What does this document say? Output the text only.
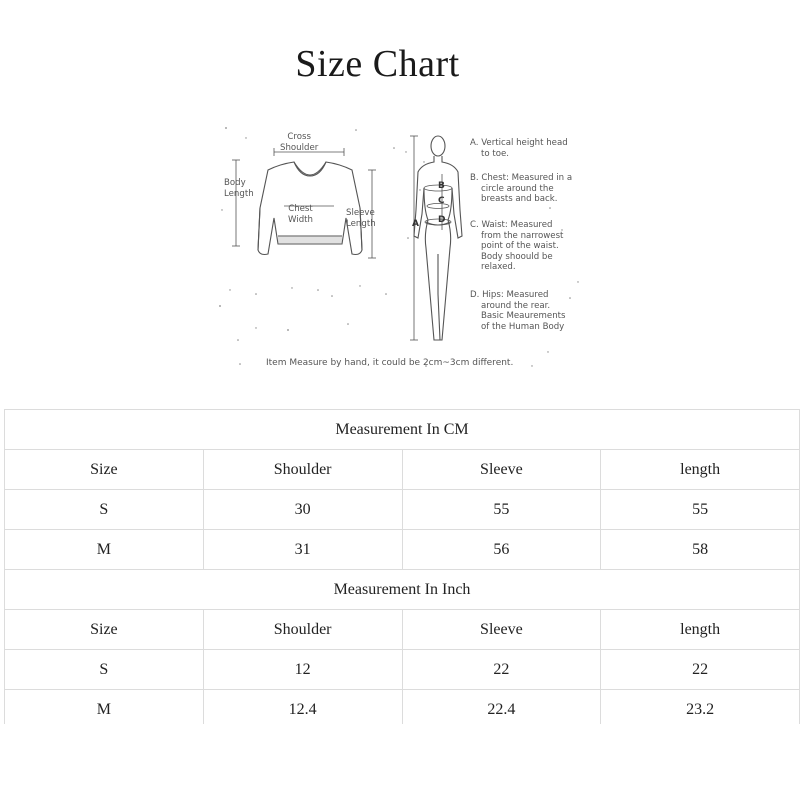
Size Chart
Cross
Shoulder
Body
Length
Chest
Width
Sleeve
Length	A
B
C
D
A. Vertical height head
to toe.
B. Chest: Measured in a
circle around the
breasts and back.
C. Waist: Measured
from the narrowest
point of the waist.
Body shoould be
relaxed.
D. Hips: Measured
around the rear.
Basic Meaurements
of the Human Body
Item Measure by hand, it could be 2cm~3cm different.
Measurement In CM			
Size	Shoulder	Sleeve	length
S	30	55	55
M	31	56	58
Measurement In Inch			
Size	Shoulder	Sleeve	length
S	12	22	22
M	12.4	22.4	23.2
